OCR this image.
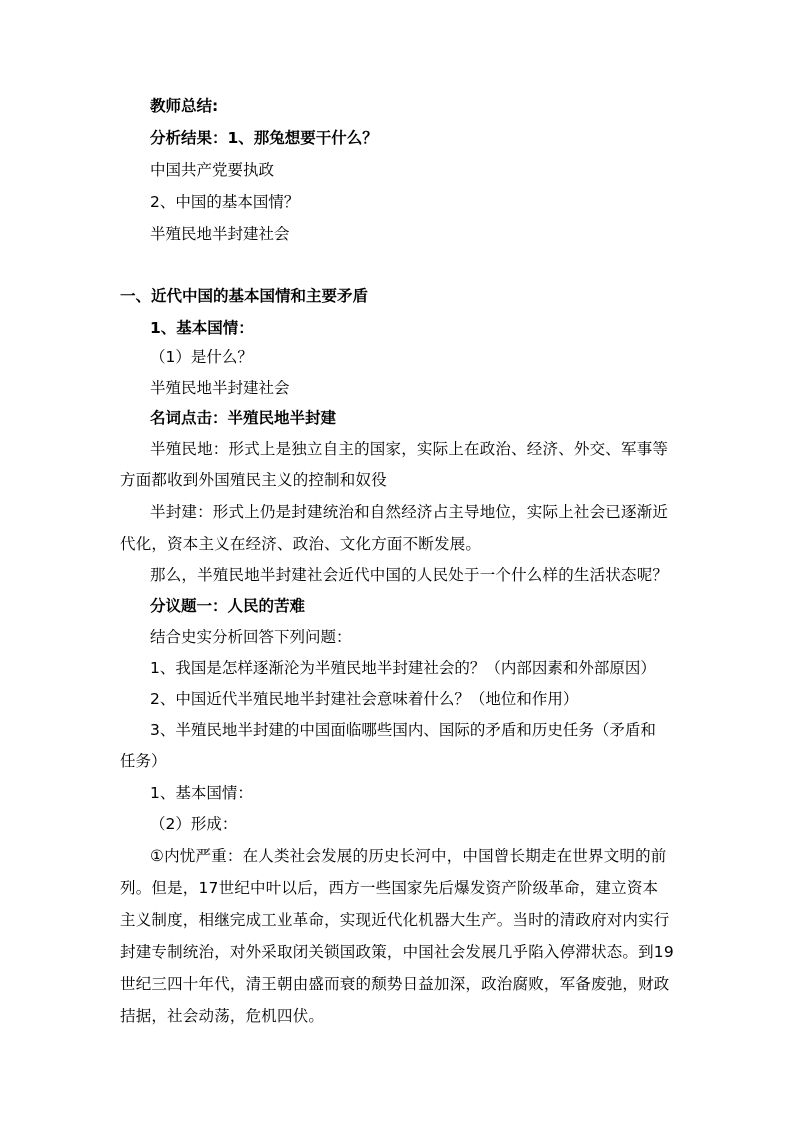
教师总结:
分析结果：1、那兔想要干什么？
中国共产党要执政
2、中国的基本国情？
半殖民地半封建社会
一、近代中国的基本国情和主要矛盾
1、基本国情：
（1）是什么？
半殖民地半封建社会
名词点击：半殖民地半封建
半殖民地：形式上是独立自主的国家，实际上在政治、经济、外交、军事等
方面都收到外国殖民主义的控制和奴役
半封建：形式上仍是封建统治和自然经济占主导地位，实际上社会已逐渐近
代化，资本主义在经济、政治、文化方面不断发展。
那么，半殖民地半封建社会近代中国的人民处于一个什么样的生活状态呢？
分议题一：人民的苦难
结合史实分析回答下列问题：
1、我国是怎样逐渐沦为半殖民地半封建社会的？（内部因素和外部原因）
2、中国近代半殖民地半封建社会意味着什么？（地位和作用）
3、半殖民地半封建的中国面临哪些国内、国际的矛盾和历史任务（矛盾和
任务）
1、基本国情：
（2）形成：
①内忧严重：在人类社会发展的历史长河中，中国曾长期走在世界文明的前
列。但是，17世纪中叶以后，西方一些国家先后爆发资产阶级革命，建立资本
主义制度，相继完成工业革命，实现近代化机器大生产。当时的清政府对内实行
封建专制统治，对外采取闭关锁国政策，中国社会发展几乎陷入停滞状态。到19
世纪三四十年代，清王朝由盛而衰的颓势日益加深，政治腐败，军备废弛，财政
拮据，社会动荡，危机四伏。
